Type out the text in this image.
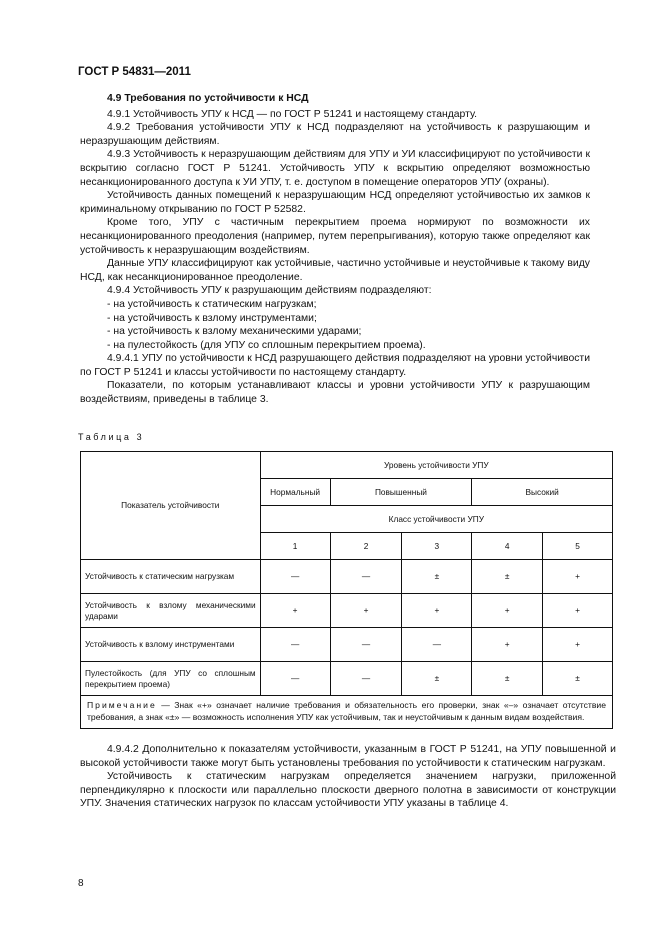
ГОСТ Р 54831—2011

4.9 Требования по устойчивости к НСД

4.9.1 Устойчивость УПУ к НСД — по ГОСТ Р 51241 и настоящему стандарту.

4.9.2 Требования устойчивости УПУ к НСД подразделяют на устойчивость к разрушающим и неразрушающим действиям.

4.9.3 Устойчивость к неразрушающим действиям для УПУ и УИ классифицируют по устойчивости к вскрытию согласно ГОСТ Р 51241. Устойчивость УПУ к вскрытию определяют возможностью несанкционированного доступа к УИ УПУ, т. е. доступом в помещение операторов УПУ (охраны).

Устойчивость данных помещений к неразрушающим НСД определяют устойчивостью их замков к криминальному открыванию по ГОСТ Р 52582.

Кроме того, УПУ с частичным перекрытием проема нормируют по возможности их несанкционированного преодоления (например, путем перепрыгивания), которую также определяют как устойчивость к неразрушающим воздействиям.

Данные УПУ классифицируют как устойчивые, частично устойчивые и неустойчивые к такому виду НСД, как несанкционированное преодоление.

4.9.4 Устойчивость УПУ к разрушающим действиям подразделяют:

- на устойчивость к статическим нагрузкам;

- на устойчивость к взлому инструментами;

- на устойчивость к взлому механическими ударами;

- на пулестойкость (для УПУ со сплошным перекрытием проема).

4.9.4.1 УПУ по устойчивости к НСД разрушающего действия подразделяют на уровни устойчивости по ГОСТ Р 51241 и классы устойчивости по настоящему стандарту.

Показатели, по которым устанавливают классы и уровни устойчивости УПУ к разрушающим воздействиям, приведены в таблице 3.

Таблица 3
Показатель устойчивости	Уровень устойчивости УПУ				
	Нормальный	Повышенный		Высокий	
	Класс устойчивости УПУ				
	1	2	3	4	5
Устойчивость к статическим нагрузкам	—	—	±	±	+
Устойчивость к взлому механическими ударами	+	+	+	+	+
Устойчивость к взлому инструментами	—	—	—	+	+
Пулестойкость (для УПУ со сплошным перекрытием проема)	—	—	±	±	±
Примечание — Знак «+» означает наличие требования и обязательность его проверки, знак «–» означает отсутствие требования, а знак «±» — возможность исполнения УПУ как устойчивым, так и неустойчивым к данным видам воздействия.					

4.9.4.2 Дополнительно к показателям устойчивости, указанным в ГОСТ Р 51241, на УПУ повышенной и высокой устойчивости также могут быть установлены требования по устойчивости к статическим нагрузкам.

Устойчивость к статическим нагрузкам определяется значением нагрузки, приложенной перпендикулярно к плоскости или параллельно плоскости дверного полотна в зависимости от конструкции УПУ. Значения статических нагрузок по классам устойчивости УПУ указаны в таблице 4.

8
